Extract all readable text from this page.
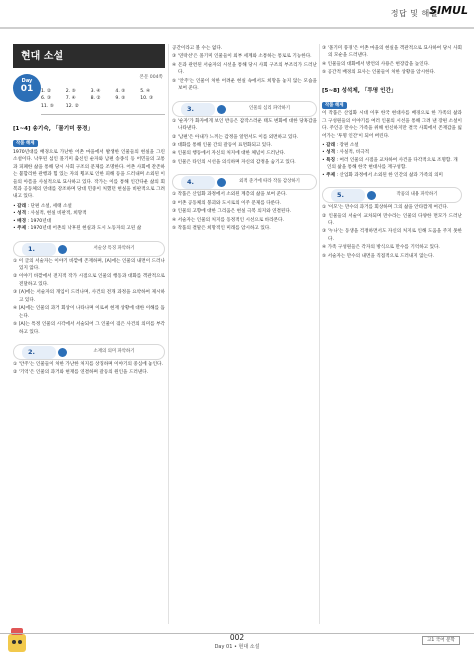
정답 및 해설
SIMUL
현대 소설
Day
01
본문 004쪽
1. ②	2. ⑤	3. ④	4. ⑤	5. ④
6. ③	7. ④	8. ②	9. ⑤	10. ③
11. ⑤	12. ②
[1~4] 송기숙, 「몰기미 풍경」
작품 해제

1970년대를 배경으로 가난한 어촌 마을에서 발생한 인물들의 현실을 그린 소설이다. 낙후된 섬인 몰기미 출신인 순자와 남편 송종식 등 어민들의 고통과 피폐한 삶을 통해 당시 사회 구조의 문제를 조명한다. 어촌 사회에 잔존하는 불합리한 관행과 힘 있는 자의 횡포로 인한 피해 등을 드러내며 소외된 이들의 아픔을 사실적으로 묘사하고 있다. 작가는 이를 통해 인간다운 삶의 회복과 공동체의 연대를 강조하며 당대 민중이 처했던 현실을 비판적으로 그려 내고 있다.

• 갈래 : 단편 소설, 세태 소설
• 성격 : 사실적, 현실 비판적, 희망적
• 배경 : 1970년대
• 주제 : 1970년대 어촌의 낙후된 현실과 도시 노동자의 고된 삶
1.	서술상 특징 파악하기

① 이 글의 서술자는 이야기 바깥에 존재하며, [A]에는 인물의 내면이 드러나 있지 않다.

② 이야기 바깥에서 전지적 작가 시점으로 인물의 행동과 대화를 객관적으로 전달하고 있다.

③ [A]에는 서술자의 개입이 드러나며, 사건의 전개 과정을 요약하여 제시하고 있다.

④ [A]에는 인물의 과거 회상이 나타나며 이로써 현재 상황에 대한 이해를 돕는다.

⑤ [A]는 특정 인물의 시각에서 서술되어 그 인물이 겪은 사건의 의미를 부각하고 있다.

2.	소재의 의미 파악하기

① '안주'는 인물들이 처한 가난한 처지를 상징하며 이야기의 중심에 놓인다.

② '기억'은 인물의 과거와 현재를 연결하며 갈등의 원인을 드러낸다.

공간이라고 볼 수는 없다.

③ '연락선'은 몰기미 인물들이 외부 세계와 소통하는 통로로 기능한다.

④ 돈과 관련된 서술자의 시선을 통해 당시 사회 구조의 부조리가 드러난다.

⑤ '안주'는 인물이 처한 어려운 현실 속에서도 희망을 놓지 않는 모습을 보여 준다.

3.	인물의 심리 파악하기

① '순자'가 화자에게 보인 반응은 갑작스러운 태도 변화에 대한 당혹감을 나타낸다.

② '남편'은 아내가 느끼는 감정을 알면서도 이를 외면하고 있다.

③ 대화를 통해 인물 간의 갈등이 표면화되고 있다.

④ 인물의 행동에서 자신의 처지에 대한 체념이 드러난다.

⑤ 인물은 타인의 시선을 의식하며 자신의 감정을 숨기고 있다.

4.	외적 준거에 따라 작품 감상하기

① 작품은 산업화 과정에서 소외된 계층의 삶을 보여 준다.

② 어촌 공동체의 붕괴와 도시로의 이주 문제를 다룬다.

③ 인물의 고향에 대한 그리움은 현실 극복 의지와 연결된다.

④ 서술자는 인물의 처지를 동정적인 시선으로 바라본다.

⑤ 작품의 결말은 희망적인 미래를 암시하고 있다.

③ '몰기미 풍경'은 어촌 마을의 현실을 객관적으로 묘사하여 당시 사회의 모순을 드러낸다.

④ 인물들의 대화에서 방언의 사용은 현장감을 높인다.

⑤ 공간적 배경의 묘사는 인물들이 처한 상황을 암시한다.

[5~8] 성석제, 「투명 인간」
작품 해제

이 작품은 산업화 시대 이후 한국 현대사를 배경으로 한 가족의 삶과 그 구성원들의 이야기를 여러 인물의 시선을 통해 그려 낸 장편 소설이다. 주인공 만수는 가족을 위해 헌신하지만 결국 사회에서 존재감을 잃어가는 '투명 인간'이 되어 버린다.

• 갈래 : 장편 소설
• 성격 : 사실적, 비극적
• 특징 : 여러 인물의 시점을 교차하여 사건을 다각적으로 조명함. 개인의 삶을 통해 한국 현대사를 재구성함.
• 주제 : 산업화 과정에서 소외된 한 인간의 삶과 가족의 의미
5.	작품의 내용 파악하기

① '이모'는 만수의 과거를 회상하며 그의 삶을 안타깝게 여긴다.

② 인물들의 서술이 교차되며 만수라는 인물의 다양한 면모가 드러난다.

③ '누나'는 동생을 걱정하면서도 자신의 처지로 인해 도움을 주지 못한다.

④ 가족 구성원들은 각자의 방식으로 만수를 기억하고 있다.

⑤ 서술자는 만수의 내면을 직접적으로 드러내지 않는다.

002
Day 01 • 현대 소설
고1 국어 문학
